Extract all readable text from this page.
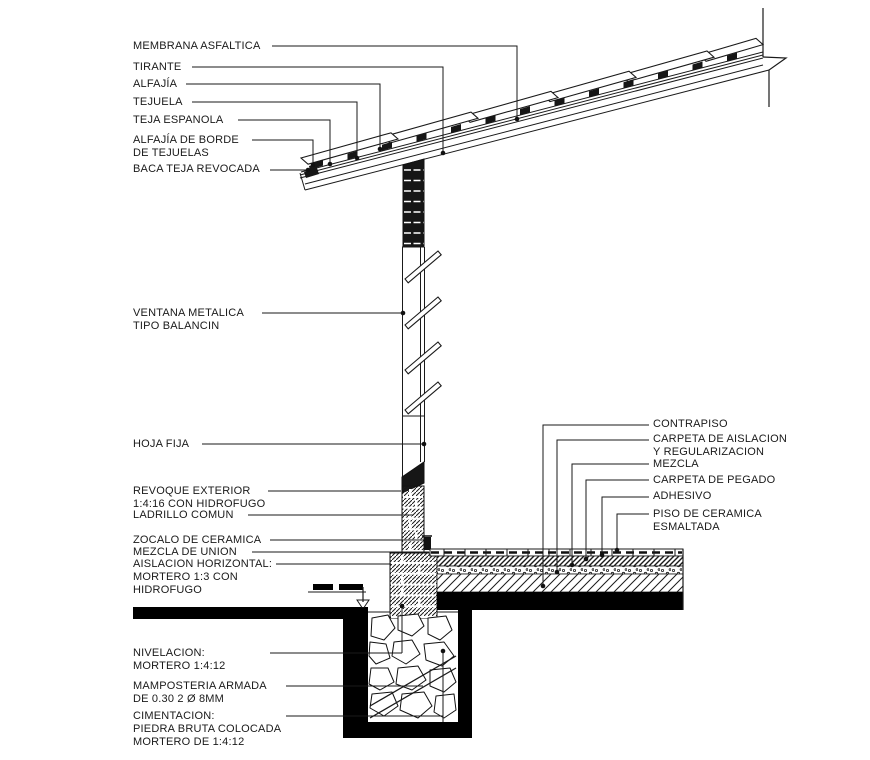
MEMBRANA ASFALTICA
TIRANTE
ALFAJÍA
TEJUELA
TEJA ESPANOLA
ALFAJÍA DE BORDE
DE TEJUELAS
BACA TEJA REVOCADA
VENTANA METALICA
TIPO BALANCIN
HOJA FIJA
REVOQUE EXTERIOR
1:4:16 CON HIDROFUGO
LADRILLO COMUN
ZOCALO DE CERAMICA
MEZCLA DE UNION
AISLACION HORIZONTAL:
MORTERO 1:3 CON
HIDROFUGO
NIVELACION:
MORTERO 1:4:12
MAMPOSTERIA ARMADA
DE 0.30 2 Ø 8MM
CIMENTACION:
PIEDRA BRUTA COLOCADA
MORTERO DE 1:4:12
CONTRAPISO
CARPETA DE AISLACION
Y REGULARIZACION
MEZCLA
CARPETA DE PEGADO
ADHESIVO
PISO DE CERAMICA
ESMALTADA
